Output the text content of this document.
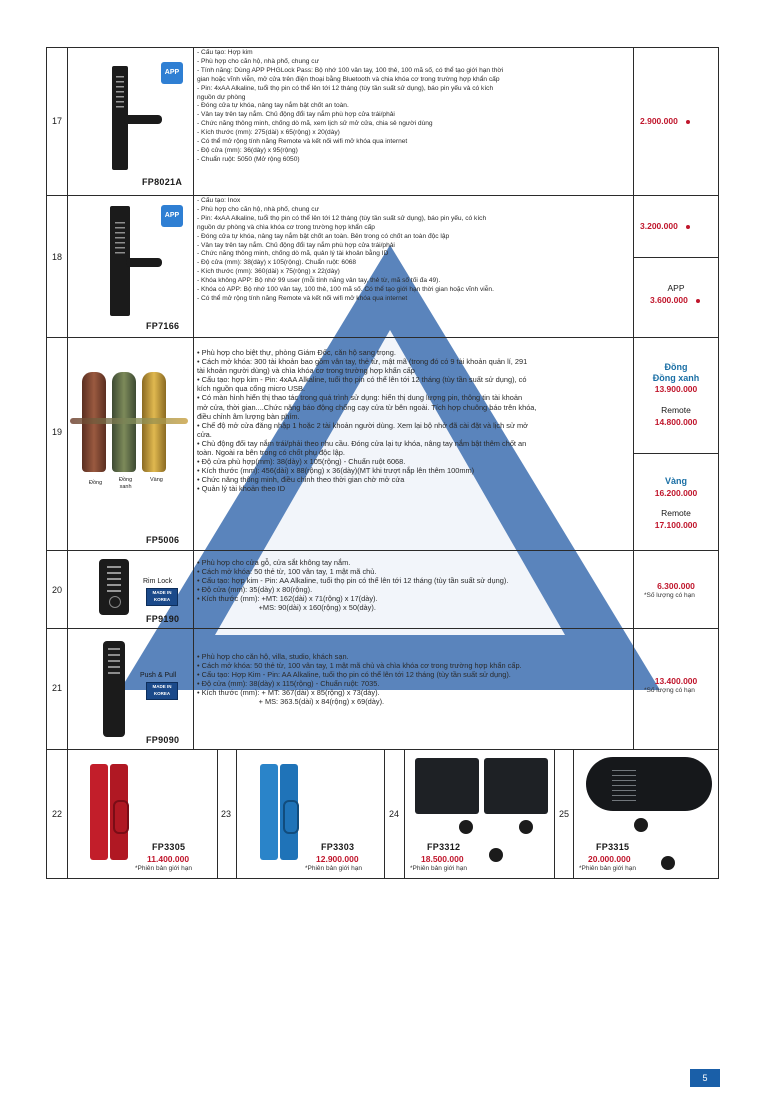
17
APP
FP8021A
- Cấu tạo: Hợp kim
- Phù hợp cho căn hộ, nhà phố, chung cư
- Tính năng: Dùng APP PHGLock Pass: Bộ nhớ 100 vân tay, 100 thẻ, 100 mã số, có thể tạo giới hạn thời
gian hoặc vĩnh viễn, mở cửa trên điện thoại bằng Bluetooth và chia khóa cơ trong trường hợp khẩn cấp
- Pin: 4xAA Alkaline, tuổi thọ pin có thể lên tới 12 tháng (tùy tần suất sử dụng), báo pin yếu và có kích
nguồn dự phòng
- Đóng cửa tự khóa, nâng tay nắm bật chốt an toàn.
- Vân tay trên tay nắm. Chủ động đổi tay nắm phù hợp cửa trái/phải
- Chức năng thông minh, chống dò mã, xem lịch sử mở cửa, chia sẻ người dùng
- Kích thước (mm): 275(dài) x 65(rộng) x 20(dày)
- Có thể mở rộng tính năng Remote và kết nối wifi mở khóa qua internet
- Độ cửa (mm): 36(dày) x 95(rộng)
- Chuẩn ruột: 5050 (Mở rộng 6050)
2.900.000
18
APP
FP7166
- Cấu tạo: Inox
- Phù hợp cho căn hộ, nhà phố, chung cư
- Pin: 4xAA Alkaline, tuổi thọ pin có thể lên tới 12 tháng (tùy tần suất sử dụng), báo pin yếu, có kích
nguồn dự phòng và chìa khóa cơ trong trường hợp khẩn cấp
- Đóng cửa tự khóa, nâng tay nắm bật chốt an toàn. Bên trong có chốt an toàn độc lập
- Vân tay trên tay nắm. Chủ động đổi tay nắm phù hợp cửa trái/phải
- Chức năng thông minh, chống dò mã, quản lý tài khoản bằng ID
- Độ cửa (mm): 38(dày) x 105(rộng). Chuẩn ruột: 6068
- Kích thước (mm): 360(dài) x 75(rộng) x 22(dày)
- Khóa không APP: Bộ nhớ 99 user (mỗi tính năng vân tay, thẻ từ, mã số tối đa 49).
- Khóa có APP: Bộ nhớ 100 vân tay, 100 thẻ, 100 mã số. Có thể tạo giới hạn thời gian hoặc vĩnh viễn.
- Có thể mở rộng tính năng Remote và kết nối wifi mở khóa qua internet
3.200.000
APP
3.600.000
19
Đồng	Đồng
xanh
Vàng
FP5006
• Phù hợp cho biệt thự, phòng Giám Đốc, căn hộ sang trọng.
• Cách mở khóa: 300 tài khoản bao gồm vân tay, thẻ từ, mật mã (trong đó có 9 tài khoản quản lí, 291
tài khoản người dùng) và chìa khóa cơ trong trường hợp khẩn cấp
• Cấu tạo: hợp kim - Pin: 4xAA Alkaline, tuổi thọ pin có thể lên tới 12 tháng (tùy tần suất sử dụng), có
kích nguồn qua cổng micro USB.
• Có màn hình hiển thị thao tác trong quá trình sử dụng: hiển thị dung lượng pin, thông tin tài khoản
mở cửa, thời gian....Chức năng báo động chống cạy cửa từ bên ngoài. Tích hợp chuông báo trên khóa,
điều chỉnh âm lượng bàn phím.
• Chế độ mở cửa đăng nhập 1 hoặc 2 tài khoản người dùng. Xem lại bộ nhớ đã cài đặt và lịch sử mở
cửa.
• Chủ động đổi tay nắm trái/phải theo nhu cầu. Đóng cửa lại tự khóa, nâng tay nắm bật thêm chốt an
toàn. Ngoài ra bên trong có chốt phụ độc lập.
• Độ cửa phù hợp(mm): 38(dày) x 105(rộng) - Chuẩn ruột 6068.
• Kích thước (mm): 456(dài) x 88(rộng) x 36(dày)(MT khi trượt nắp lên thêm 100mm)
• Chức năng thông minh, điều chỉnh theo thời gian chờ mở cửa
• Quản lý tài khoản theo ID
Đồng
Đồng xanh
13.900.000
Remote
14.800.000
Vàng
16.200.000
Remote
17.100.000
20
Rim Lock
MADE IN KOREA
FP9190
• Phù hợp cho cửa gỗ, cửa sắt không tay nắm.
• Cách mở khóa: 50 thẻ từ, 100 vân tay, 1 mật mã chủ.
• Cấu tạo: hợp kim - Pin: AA Alkaline, tuổi thọ pin có thể lên tới 12 tháng (tùy tần suất sử dụng).
• Độ cửa (mm): 35(dày) x 80(rộng).
• Kích thước (mm): +MT: 162(dài) x 71(rộng) x 17(dày).
+MS: 90(dài) x 160(rộng) x 50(dày).
6.300.000
*Số lượng có hạn
21
Push & Pull
MADE IN KOREA
FP9090
• Phù hợp cho căn hộ, villa, studio, khách sạn.
• Cách mở khóa: 50 thẻ từ, 100 vân tay, 1 mật mã chủ và chìa khóa cơ trong trường hợp khẩn cấp.
• Cấu tạo: Hợp Kim - Pin: AA Alkaline, tuổi thọ pin có thể lên tới 12 tháng (tùy tần suất sử dụng).
• Độ cửa (mm): 38(dày) x 115(rộng) - Chuẩn ruột: 7035.
• Kích thước (mm): + MT: 367(dài) x 85(rộng) x 73(dày).
+ MS: 363.5(dài) x 84(rộng) x 69(dày).
13.400.000
*Số lượng có hạn
22
FP3305
11.400.000
*Phiên bản giới hạn
23
FP3303
12.900.000
*Phiên bản giới hạn
24
FP3312
18.500.000
*Phiên bản giới hạn
25
FP3315
20.000.000
*Phiên bản giới hạn
5
